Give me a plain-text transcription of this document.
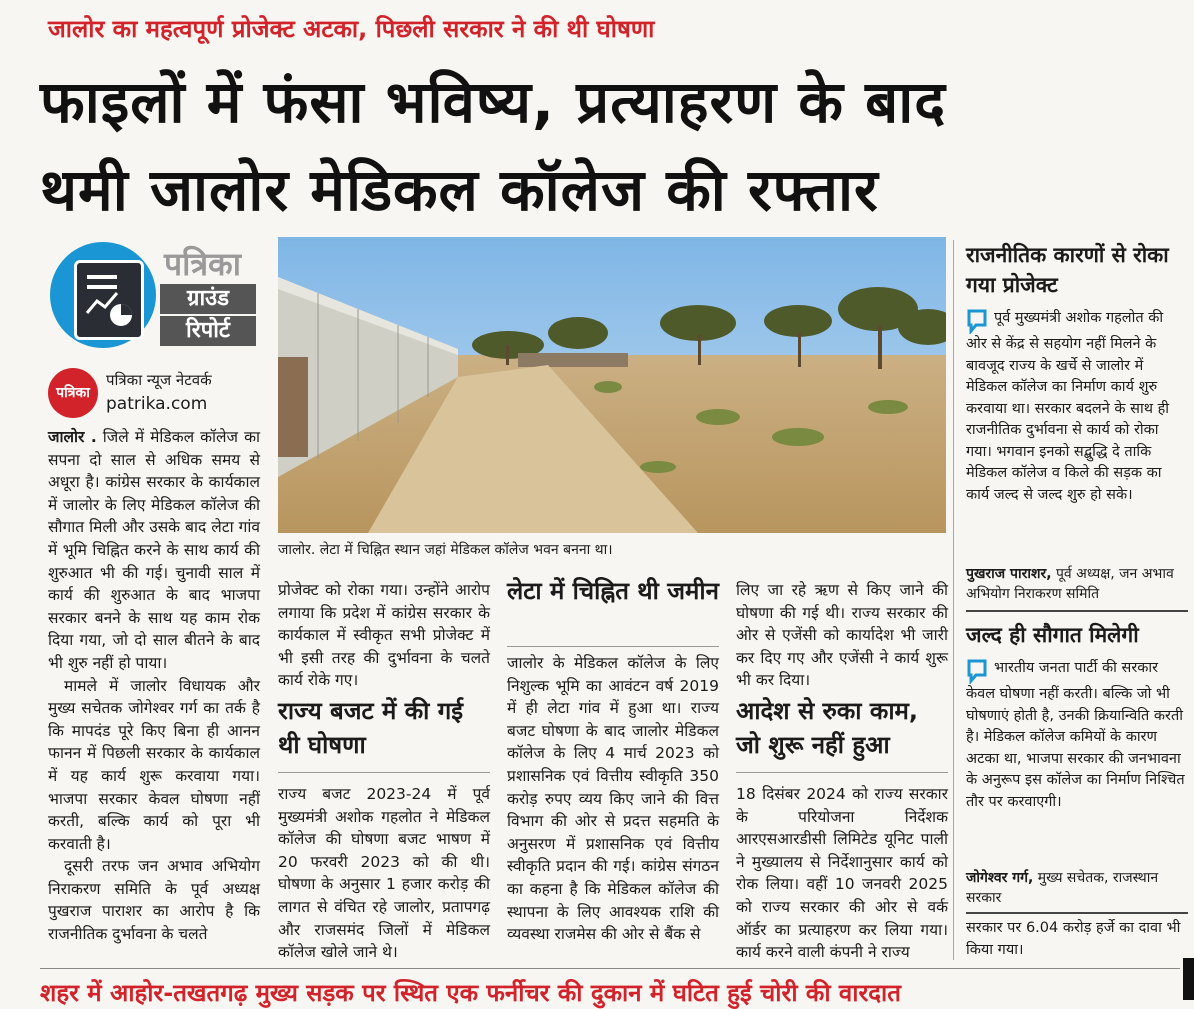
जालोर का महत्वपूर्ण प्रोजेक्ट अटका, पिछली सरकार ने की थी घोषणा
फाइलों में फंसा भविष्य, प्रत्याहरण के बाद
थमी जालोर मेडिकल कॉलेज की रफ्तार
पत्रिका
ग्राउंड
रिपोर्ट
पत्रिका
पत्रिका न्यूज नेटवर्क
patrika.com

जालोर . जिले में मेडिकल कॉलेज का सपना दो साल से अधिक समय से अधूरा है। कांग्रेस सरकार के कार्यकाल में जालोर के लिए मेडिकल कॉलेज की सौगात मिली और उसके बाद लेटा गांव में भूमि चिह्नित करने के साथ कार्य की शुरुआत भी की गई। चुनावी साल में कार्य की शुरुआत के बाद भाजपा सरकार बनने के साथ यह काम रोक दिया गया, जो दो साल बीतने के बाद भी शुरु नहीं हो पाया।

मामले में जालोर विधायक और मुख्य सचेतक जोगेश्वर गर्ग का तर्क है कि मापदंड पूरे किए बिना ही आनन फानन में पिछली सरकार के कार्यकाल में यह कार्य शुरू करवाया गया। भाजपा सरकार केवल घोषणा नहीं करती, बल्कि कार्य को पूरा भी करवाती है।

दूसरी तरफ जन अभाव अभियोग निराकरण समिति के पूर्व अध्यक्ष पुखराज पाराशर का आरोप है कि राजनीतिक दुर्भावना के चलते

जालोर. लेटा में चिह्नित स्थान जहां मेडिकल कॉलेज भवन बनना था।

प्रोजेक्ट को रोका गया। उन्होंने आरोप लगाया कि प्रदेश में कांग्रेस सरकार के कार्यकाल में स्वीकृत सभी प्रोजेक्ट में भी इसी तरह की दुर्भावना के चलते कार्य रोके गए।

राज्य बजट में की गई थी घोषणा

राज्य बजट 2023-24 में पूर्व मुख्यमंत्री अशोक गहलोत ने मेडिकल कॉलेज की घोषणा बजट भाषण में 20 फरवरी 2023 को की थी। घोषणा के अनुसार 1 हजार करोड़ की लागत से वंचित रहे जालोर, प्रतापगढ़ और राजसमंद जिलों में मेडिकल कॉलेज खोले जाने थे।

लेटा में चिह्नित थी जमीन

जालोर के मेडिकल कॉलेज के लिए निशुल्क भूमि का आवंटन वर्ष 2019 में ही लेटा गांव में हुआ था। राज्य बजट घोषणा के बाद जालोर मेडिकल कॉलेज के लिए 4 मार्च 2023 को प्रशासनिक एवं वित्तीय स्वीकृति 350 करोड़ रुपए व्यय किए जाने की वित्त विभाग की ओर से प्रदत्त सहमति के अनुसरण में प्रशासनिक एवं वित्तीय स्वीकृति प्रदान की गई। कांग्रेस संगठन का कहना है कि मेडिकल कॉलेज की स्थापना के लिए आवश्यक राशि की व्यवस्था राजमेस की ओर से बैंक से

लिए जा रहे ऋण से किए जाने की घोषणा की गई थी। राज्य सरकार की ओर से एजेंसी को कार्यादेश भी जारी कर दिए गए और एजेंसी ने कार्य शुरू भी कर दिया।

आदेश से रुका काम, जो शुरू नहीं हुआ

18 दिसंबर 2024 को राज्य सरकार के परियोजना निर्देशक आरएसआरडीसी लिमिटेड यूनिट पाली ने मुख्यालय से निर्देशानुसार कार्य को रोक लिया। वहीं 10 जनवरी 2025 को राज्य सरकार की ओर से वर्क ऑर्डर का प्रत्याहरण कर लिया गया। कार्य करने वाली कंपनी ने राज्य

राजनीतिक कारणों से रोका गया प्रोजेक्ट
पूर्व मुख्यमंत्री अशोक गहलोत की ओर से केंद्र से सहयोग नहीं मिलने के बावजूद राज्य के खर्चे से जालोर में मेडिकल कॉलेज का निर्माण कार्य शुरु करवाया था। सरकार बदलने के साथ ही राजनीतिक दुर्भावना से कार्य को रोका गया। भगवान इनको सद्बुद्धि दे ताकि मेडिकल कॉलेज व किले की सड़क का कार्य जल्द से जल्द शुरु हो सके।
पुखराज पाराशर, पूर्व अध्यक्ष, जन अभाव अभियोग निराकरण समिति
जल्द ही सौगात मिलेगी
भारतीय जनता पार्टी की सरकार केवल घोषणा नहीं करती। बल्कि जो भी घोषणाएं होती है, उनकी क्रियान्विति करती है। मेडिकल कॉलेज कमियों के कारण अटका था, भाजपा सरकार की जनभावना के अनुरूप इस कॉलेज का निर्माण निश्चित तौर पर करवाएगी।
जोगेश्वर गर्ग, मुख्य सचेतक, राजस्थान सरकार
सरकार पर 6.04 करोड़ हर्जे का दावा भी किया गया।
शहर में आहोर-तखतगढ़ मुख्य सड़क पर स्थित एक फर्नीचर की दुकान में घटित हुई चोरी की वारदात
